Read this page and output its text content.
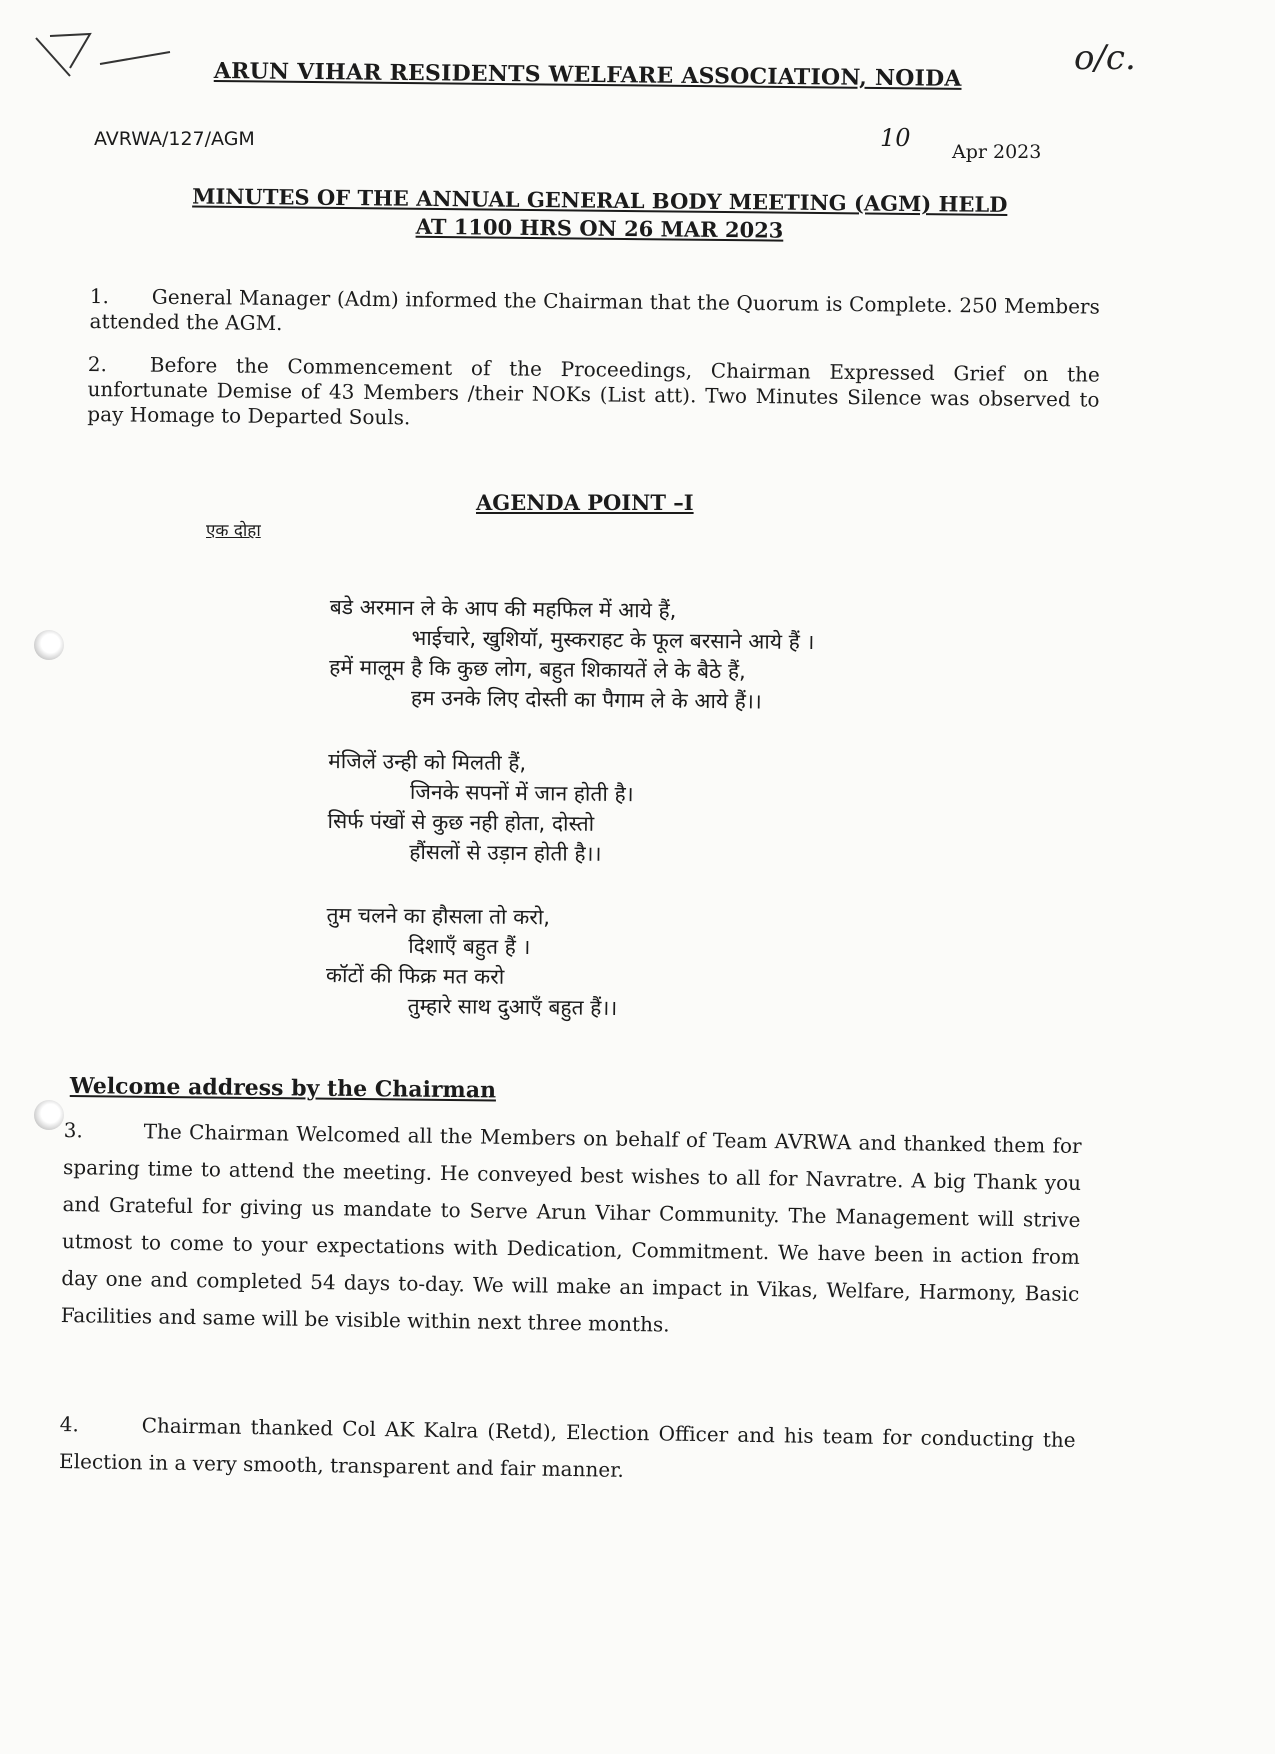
o/c.
ARUN VIHAR RESIDENTS WELFARE ASSOCIATION, NOIDA
AVRWA/127/AGM	10 Apr 2023
MINUTES OF THE ANNUAL GENERAL BODY MEETING (AGM) HELD
AT 1100 HRS ON 26 MAR 2023
1. General Manager (Adm) informed the Chairman that the Quorum is Complete. 250 Members attended the AGM.
2. Before the Commencement of the Proceedings, Chairman Expressed Grief on the unfortunate Demise of 43 Members /their NOKs (List att). Two Minutes Silence was observed to pay Homage to Departed Souls.
AGENDA POINT –I
एक दोहा
बडे अरमान ले के आप की महफिल में आये हैं,
भाईचारे, खुशियॉ, मुस्कराहट के फूल बरसाने आये हैं ।
हमें मालूम है कि कुछ लोग, बहुत शिकायतें ले के बैठे हैं,
हम उनके लिए दोस्ती का पैगाम ले के आये हैं।।
मंजिलें उन्ही को मिलती हैं,
जिनके सपनों में जान होती है।
सिर्फ पंखों से कुछ नही होता, दोस्तो
हौंसलों से उड़ान होती है।।
तुम चलने का हौसला तो करो,
दिशाऍं बहुत हैं ।
कॉटों की फिक्र मत करो
तुम्हारे साथ दुआएँ बहुत हैं।।
Welcome address by the Chairman
3.	The Chairman Welcomed all the Members on behalf of Team AVRWA and thanked them for sparing time to attend the meeting. He conveyed best wishes to all for Navratre. A big Thank you and Grateful for giving us mandate to Serve Arun Vihar Community. The Management will strive utmost to come to your expectations with Dedication, Commitment. We have been in action from day one and completed 54 days to-day. We will make an impact in Vikas, Welfare, Harmony, Basic Facilities and same will be visible within next three months.
4.	Chairman thanked Col AK Kalra (Retd), Election Officer and his team for conducting the Election in a very smooth, transparent and fair manner.
